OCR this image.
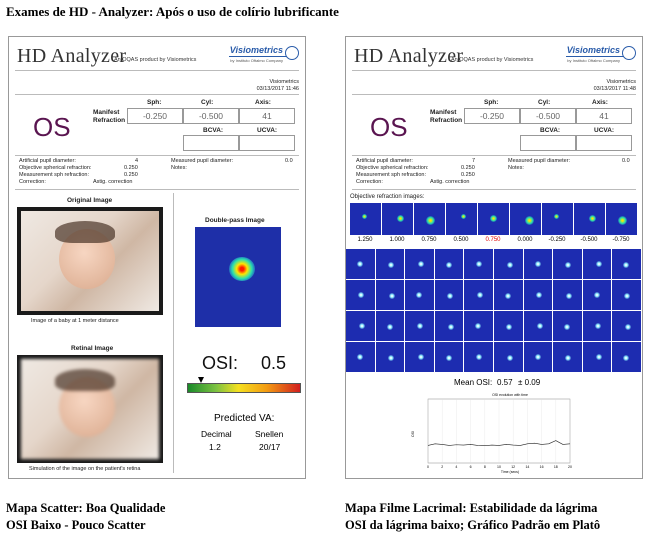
Exames de HD - Analyzer: Após o uso de colírio lubrificante
HD Analyzer
An OQAS product by Visiometrics
Visiometrics
by Instituto Oftalmo Company
Visiometrics
03/13/2017 11:46
OS	Manifest Refraction
Sph:	Cyl:	Axis:
-0.250	-0.500	41
BCVA:	UCVA:
Artificial pupil diameter:	4
Objective spherical refraction:	0.250
Measurement sph refraction:	0.250
Correction:	Astig. correction
Measured pupil diameter:	0.0
Notes:
Original Image
Image of a baby at 1 meter distance
Retinal Image
Simulation of the image on the patient's retina
Double-pass Image
OSI: 0.5
Predicted VA:
Decimal	Snellen
1.2	20/17
HD Analyzer
An OQAS product by Visiometrics
Visiometrics
by Instituto Oftalmo Company
Visiometrics
03/13/2017 11:48
OS	Manifest Refraction
Sph:	Cyl:	Axis:
-0.250	-0.500	41
BCVA:	UCVA:
Artificial pupil diameter:	7
Objective spherical refraction:	0.250
Measurement sph refraction:	0.250
Correction:	Astig. correction
Measured pupil diameter:	0.0
Notes:
Objective refraction images:
1.250	1.000	0.750	0.500	0.750	0.000	-0.250	-0.500	-0.750
Mean OSI: 0.57 ± 0.09
OSI evolution with time
Time (secs)
OSI
0	2	4	6	8	10	12	14	16	18	20
Mapa Scatter: Boa Qualidade
OSI Baixo - Pouco Scatter
Mapa Filme Lacrimal: Estabilidade da lágrima
OSI da lágrima baixo; Gráfico Padrão em Platô
